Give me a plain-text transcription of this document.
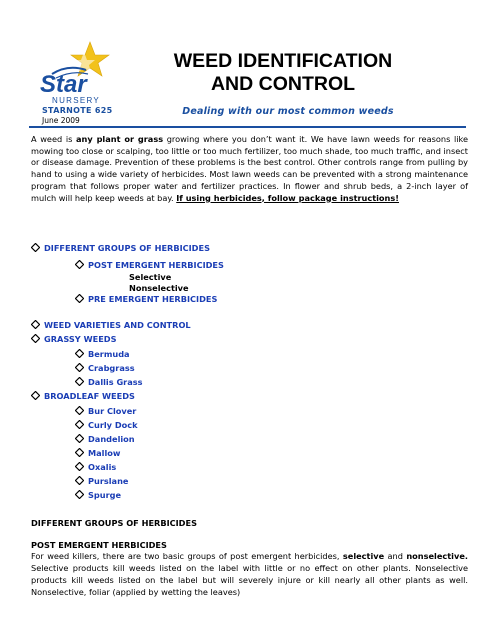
Star
NURSERY
STARNOTE 625
June 2009
WEED IDENTIFICATION
AND CONTROL
Dealing with our most common weeds
A weed is any plant or grass growing where you don’t want it. We have lawn weeds for reasons like mowing too close or scalping, too little or too much fertilizer, too much shade, too much traffic, and insect or disease damage. Prevention of these problems is the best control. Other controls range from pulling by hand to using a wide variety of herbicides. Most lawn weeds can be prevented with a strong maintenance program that follows proper water and fertilizer practices. In flower and shrub beds, a 2-inch layer of mulch will help keep weeds at bay. If using herbicides, follow package instructions!
DIFFERENT GROUPS OF HERBICIDES
POST EMERGENT HERBICIDES
Selective
Nonselective
PRE EMERGENT HERBICIDES
WEED VARIETIES AND CONTROL
GRASSY WEEDS
Bermuda
Crabgrass
Dallis Grass
BROADLEAF WEEDS
Bur Clover
Curly Dock
Dandelion
Mallow
Oxalis
Purslane
Spurge
DIFFERENT GROUPS OF HERBICIDES
POST EMERGENT HERBICIDES
For weed killers, there are two basic groups of post emergent herbicides, selective and nonselective. Selective products kill weeds listed on the label with little or no effect on other plants. Nonselective products kill weeds listed on the label but will severely injure or kill nearly all other plants as well. Nonselective, foliar (applied by wetting the leaves)
